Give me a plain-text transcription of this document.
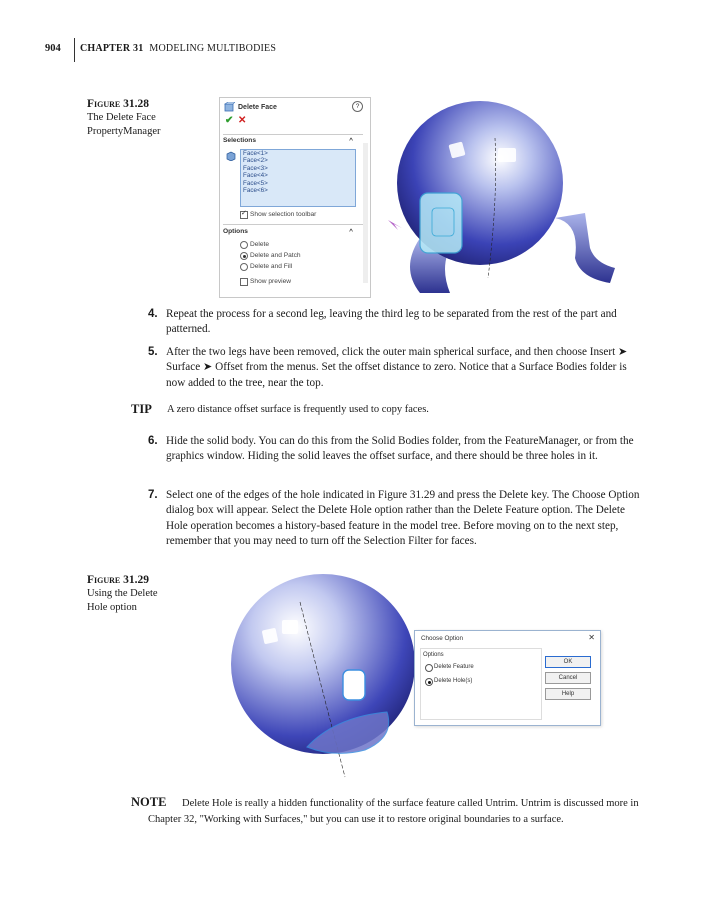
904 CHAPTER 31 MODELING MULTIBODIES
Figure 31.28
The Delete Face
PropertyManager
Delete Face	?
✔ ✕
Selections	^
Face<1>
Face<2>
Face<3>
Face<4>
Face<5>
Face<6>
✓ Show selection toolbar
Options	^
Delete
Delete and Patch
Delete and Fill
Show preview
4. Repeat the process for a second leg, leaving the third leg to be separated from the rest of the part and patterned.
5. After the two legs have been removed, click the outer main spherical surface, and then choose Insert ➤ Surface ➤ Offset from the menus. Set the offset distance to zero. Notice that a Surface Bodies folder is now added to the tree, near the top.
TIP A zero distance offset surface is frequently used to copy faces.
6. Hide the solid body. You can do this from the Solid Bodies folder, from the FeatureManager, or from the graphics window. Hiding the solid leaves the offset surface, and there should be three holes in it.
7. Select one of the edges of the hole indicated in Figure 31.29 and press the Delete key. The Choose Option dialog box will appear. Select the Delete Hole option rather than the Delete Feature option. The Delete Hole operation becomes a history-based feature in the model tree. Before moving on to the next step, remember that you may need to turn off the Selection Filter for faces.
Figure 31.29
Using the Delete
Hole option
Choose Option	✕
Options
Delete Feature
Delete Hole(s)
OK
Cancel
Help
NOTE	Delete Hole is really a hidden functionality of the surface feature called Untrim. Untrim is discussed more in Chapter 32, "Working with Surfaces," but you can use it to restore original boundaries to a surface.
